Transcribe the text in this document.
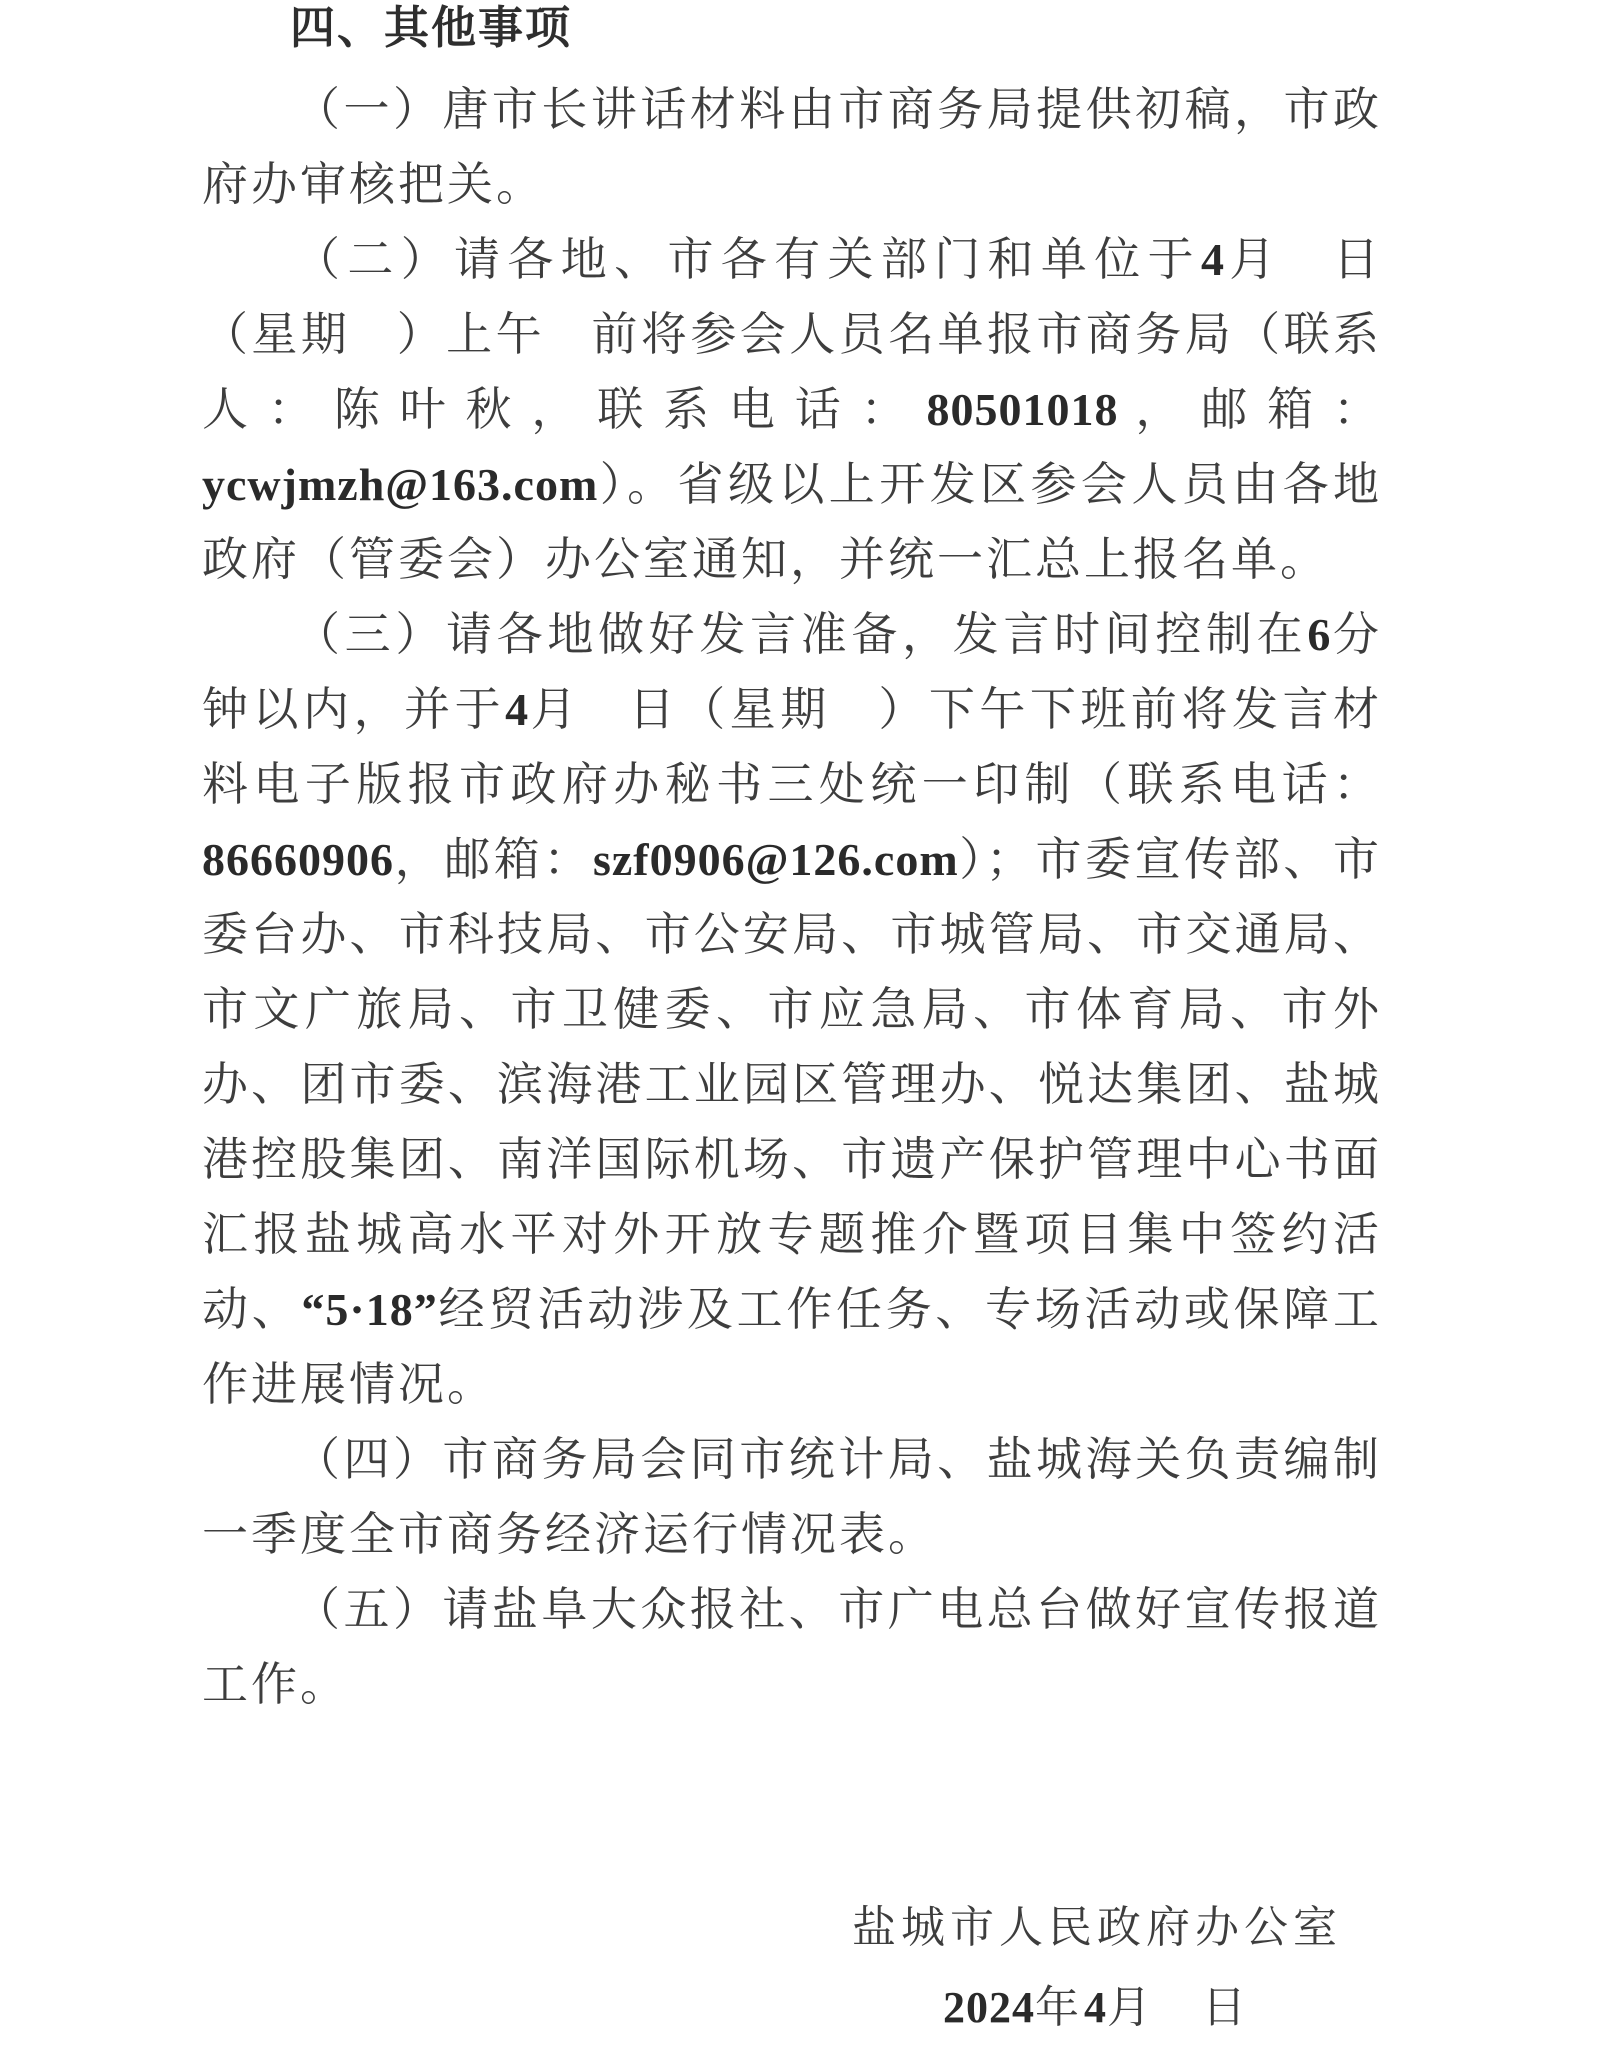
四、其他事项

（一）唐市长讲话材料由市商务局提供初稿，市政府办审核把关。

（二）请各地、市各有关部门和单位于4月 日（星期 ）上午 前将参会人员名单报市商务局（联系人：陈叶秋，联系电话：80501018，邮箱：ycwjmzh@163.com）。省级以上开发区参会人员由各地政府（管委会）办公室通知，并统一汇总上报名单。

（三）请各地做好发言准备，发言时间控制在6分钟以内，并于4月 日（星期 ）下午下班前将发言材料电子版报市政府办秘书三处统一印制（联系电话：86660906，邮箱：szf0906@126.com）；市委宣传部、市委台办、市科技局、市公安局、市城管局、市交通局、市文广旅局、市卫健委、市应急局、市体育局、市外办、团市委、滨海港工业园区管理办、悦达集团、盐城港控股集团、南洋国际机场、市遗产保护管理中心书面汇报盐城高水平对外开放专题推介暨项目集中签约活动、“5·18”经贸活动涉及工作任务、专场活动或保障工作进展情况。

（四）市商务局会同市统计局、盐城海关负责编制一季度全市商务经济运行情况表。

（五）请盐阜大众报社、市广电总台做好宣传报道工作。

盐城市人民政府办公室
2024年4月 日
